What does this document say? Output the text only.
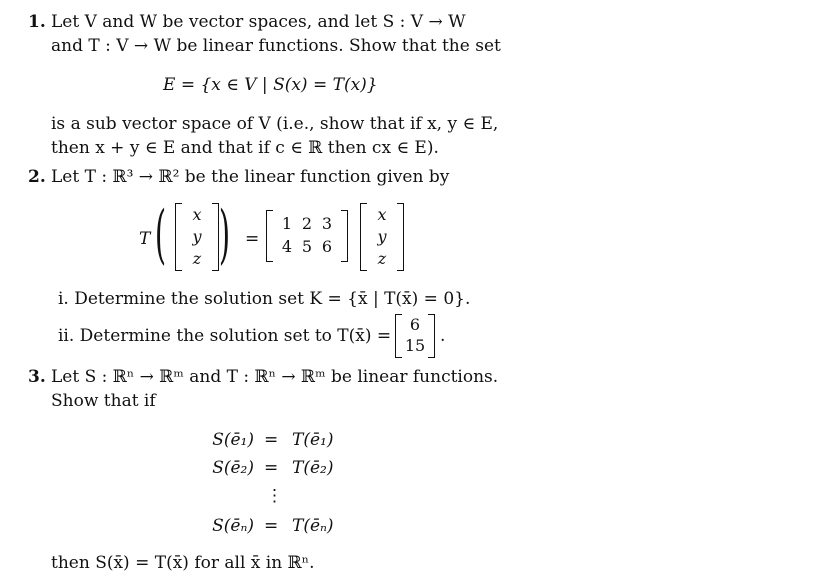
1. Let V and W be vector spaces, and let S : V → W
and T : V → W be linear functions. Show that the set
E = {x ∈ V | S(x) = T(x)}
is a sub vector space of V (i.e., show that if x, y ∈ E,
then x + y ∈ E and that if c ∈ ℝ then cx ∈ E).
2. Let T : ℝ³ → ℝ² be the linear function given by
T (	x
y
z ) =
1 2 3
4 5 6
x
y
z
i. Determine the solution set K = {x̄ | T(x̄) = 0}.
ii. Determine the solution set to T(x̄) =
6
15 .
3. Let S : ℝⁿ → ℝᵐ and T : ℝⁿ → ℝᵐ be linear functions.
Show that if
S(ē₁) = T(ē₁)
S(ē₂) = T(ē₂)
⋮
S(ēₙ) = T(ēₙ)
then S(x̄) = T(x̄) for all x̄ in ℝⁿ.
